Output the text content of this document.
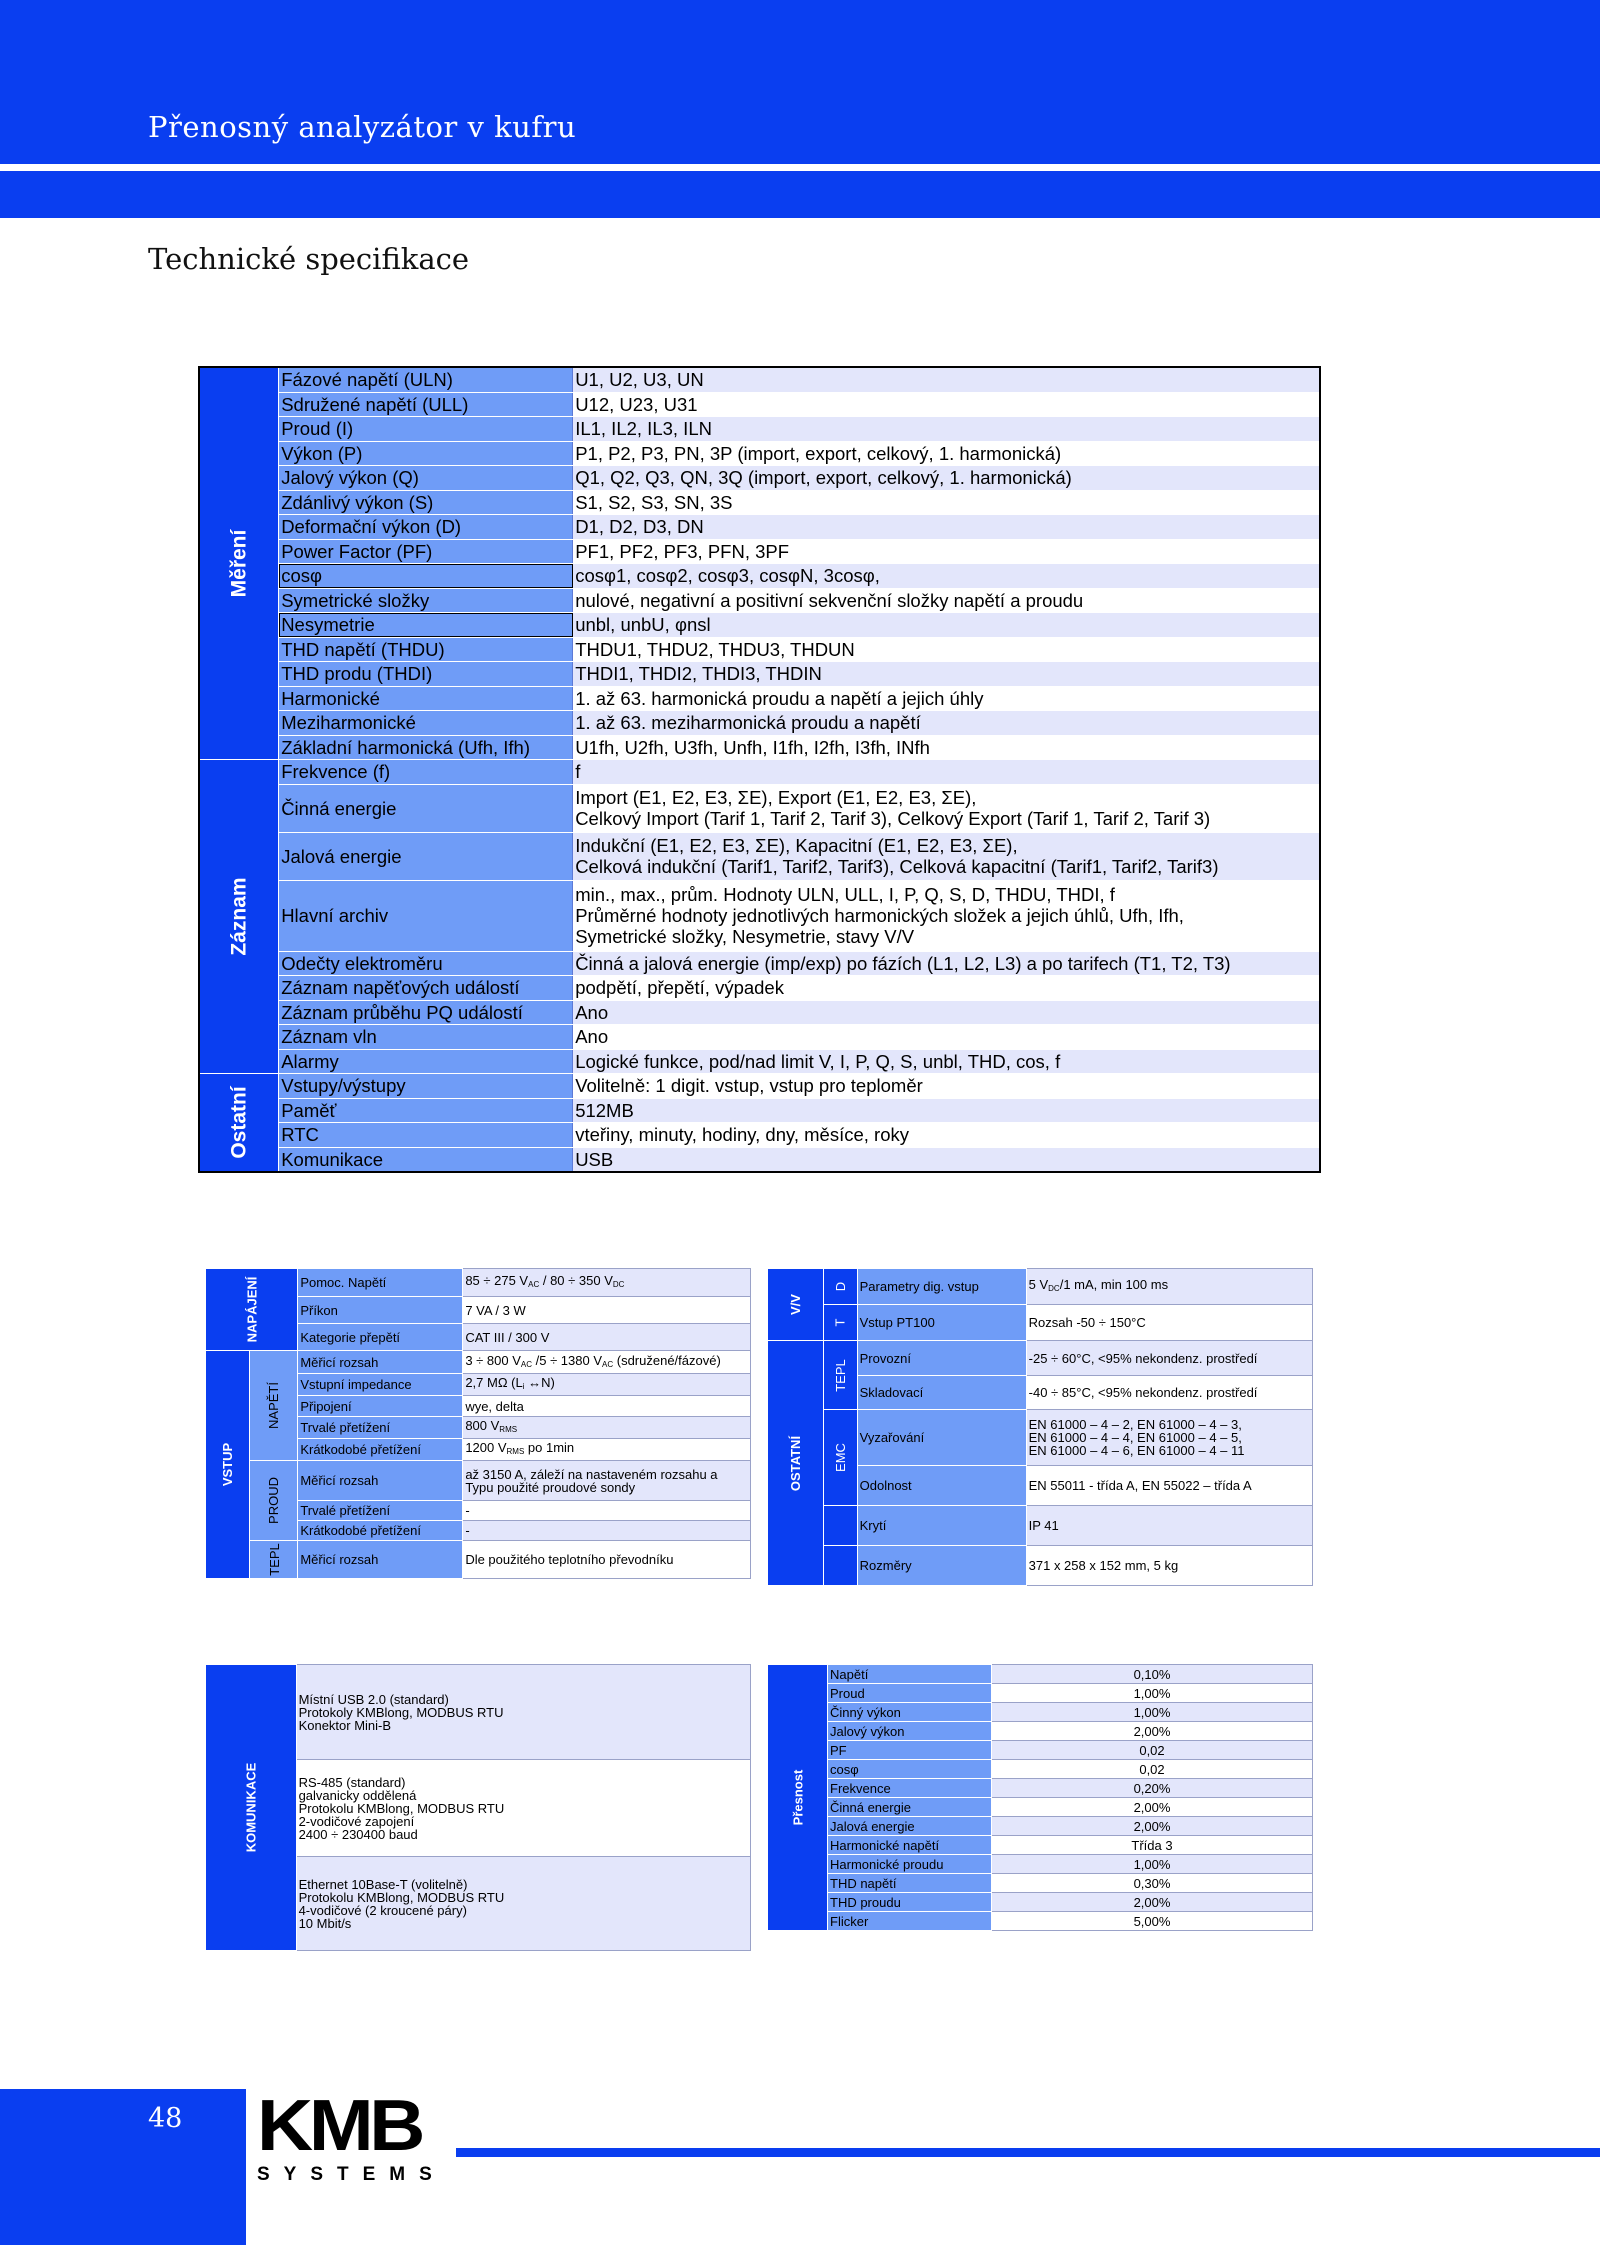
Přenosný analyzátor v kufru
Technické specifikace
Měření	Fázové napětí (ULN)	U1, U2, U3, UN
	Sdružené napětí (ULL)	U12, U23, U31
	Proud (I)	IL1, IL2, IL3, ILN
	Výkon (P)	P1, P2, P3, PN, 3P (import, export, celkový, 1. harmonická)
	Jalový výkon (Q)	Q1, Q2, Q3, QN, 3Q (import, export, celkový, 1. harmonická)
	Zdánlivý výkon (S)	S1, S2, S3, SN, 3S
	Deformační výkon (D)	D1, D2, D3, DN
	Power Factor (PF)	PF1, PF2, PF3, PFN, 3PF
	cosφ	cosφ1, cosφ2, cosφ3, cosφN, 3cosφ,
	Symetrické složky	nulové, negativní a positivní sekvenční složky napětí a proudu
	Nesymetrie	unbl, unbU, φnsl
	THD napětí (THDU)	THDU1, THDU2, THDU3, THDUN
	THD produ (THDI)	THDI1, THDI2, THDI3, THDIN
	Harmonické	1. až 63. harmonická proudu a napětí a jejich úhly
	Meziharmonické	1. až 63. meziharmonická proudu a napětí
	Základní harmonická (Ufh, Ifh)	U1fh, U2fh, U3fh, Unfh, I1fh, I2fh, I3fh, INfh

Záznam	Frekvence (f)	f
	Činná energie	Import (E1, E2, E3, ΣE), Export (E1, E2, E3, ΣE),
Celkový Import (Tarif 1, Tarif 2, Tarif 3), Celkový Export (Tarif 1, Tarif 2, Tarif 3)

	Jalová energie	Indukční (E1, E2, E3, ΣE), Kapacitní (E1, E2, E3, ΣE),
Celková indukční (Tarif1, Tarif2, Tarif3), Celková kapacitní (Tarif1, Tarif2, Tarif3)

	Hlavní archiv	min., max., prům. Hodnoty ULN, ULL, I, P, Q, S, D, THDU, THDI, f
Průměrné hodnoty jednotlivých harmonických složek a jejich úhlů, Ufh, Ifh,
Symetrické složky, Nesymetrie, stavy V/V

	Odečty elektroměru	Činná a jalová energie (imp/exp) po fázích (L1, L2, L3) a po tarifech (T1, T2, T3)
	Záznam napěťových událostí	podpětí, přepětí, výpadek
	Záznam průběhu PQ událostí	Ano
	Záznam vln	Ano
	Alarmy	Logické funkce, pod/nad limit V, I, P, Q, S, unbl, THD, cos, f

Ostatní	Vstupy/výstupy	Volitelně: 1 digit. vstup, vstup pro teploměr
	Paměť	512MB
	RTC	vteřiny, minuty, hodiny, dny, měsíce, roky
	Komunikace	USB
NAPÁJENÍ		Pomoc. Napětí	85 ÷ 275 $V_{AC} / 80 \div 350$ $V_{DC}$
		Příkon	7 VA / 3 W
		Kategorie přepětí	CAT III / 300 V

VSTUP	NAPĚTÍ	Měřicí rozsah	3 ÷ 800 $V_{AC}$ /5 ÷ 1380 $V_{AC}$ (sdružené/fázové)
		Vstupní impedance	2,7 MΩ ($L_i$ ↔N)
		Připojení	wye, delta
		Trvalé přetížení	800 $V_{RMS}$
		Krátkodobé přetížení	1200 $V_{RMS}$ po 1min

	PROUD	Měřicí rozsah	až 3150 A, záleží na nastaveném rozsahu a
Typu použité proudové sondy

		Trvalé přetížení	-
		Krátkodobé přetížení	-

	TEPL	Měřicí rozsah	Dle použitého teplotního převodníku
V/V	D	Parametry dig. vstup	5 $V_{DC}/1$ mA, min 100 ms

	T	Vstup PT100	Rozsah -50 ÷ 150°C

OSTATNÍ	TEPL	Provozní	-25 ÷ 60°C, <95% nekondenz. prostředí
		Skladovací	-40 ÷ 85°C, <95% nekondenz. prostředí

	EMC	Vyzařování	EN 61000 – 4 – 2, EN 61000 – 4 – 3,
EN 61000 – 4 – 4, EN 61000 – 4 – 5,
EN 61000 – 4 – 6, EN 61000 – 4 – 11

		Odolnost	EN 55011 - třída A, EN 55022 – třída A
		Krytí	IP 41
		Rozměry	371 x 258 x 152 mm, 5 kg
KOMUNIKACE

Místní USB 2.0 (standard)
Protokoly KMBlong, MODBUS RTU
Konektor Mini-B

RS-485 (standard)
galvanicky oddělená
Protokolu KMBlong, MODBUS RTU
2-vodičové zapojení
2400 ÷ 230400 baud

Ethernet 10Base-T (volitelně)
Protokolu KMBlong, MODBUS RTU
4-vodičové (2 kroucené páry)
10 Mbit/s
Přesnost	Napětí	0,10%
	Proud	1,00%
	Činný výkon	1,00%
	Jalový výkon	2,00%
	PF	0,02
	cosφ	0,02
	Frekvence	0,20%
	Činná energie	2,00%
	Jalová energie	2,00%
	Harmonické napětí	Třída 3
	Harmonické proudu	1,00%
	THD napětí	0,30%
	THD proudu	2,00%
	Flicker	5,00%
48 KMB
SYSTEMS
